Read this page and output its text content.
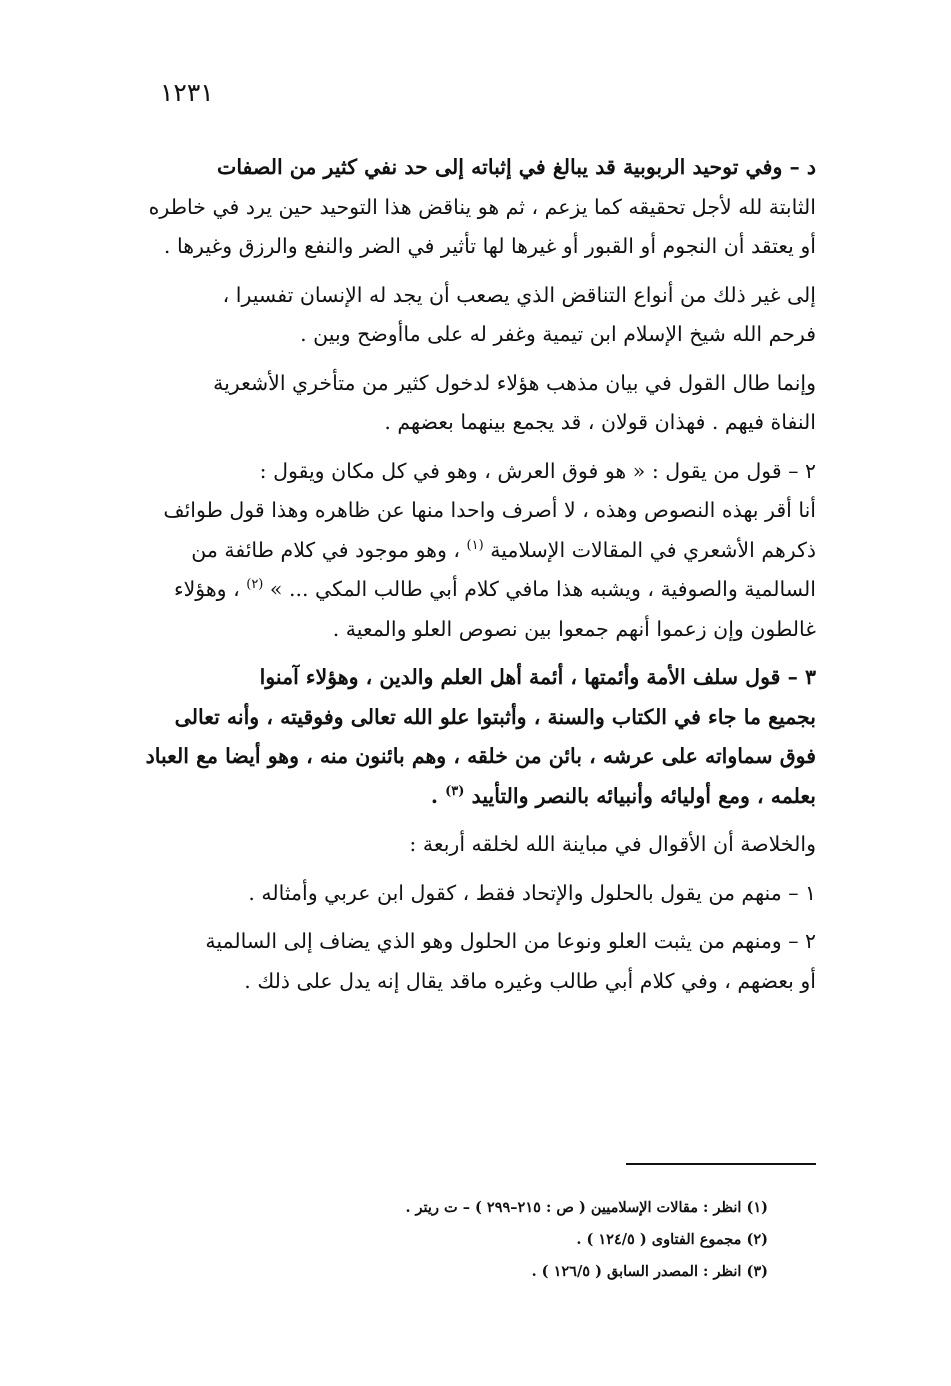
١٢٣١

د – وفي توحيد الربوبية قد يبالغ في إثباته إلى حد نفي كثير من الصفات
الثابتة لله لأجل تحقيقه كما يزعم ، ثم هو يناقض هذا التوحيد حين يرد في خاطره
أو يعتقد أن النجوم أو القبور أو غيرها لها تأثير في الضر والنفع والرزق وغيرها .

إلى غير ذلك من أنواع التناقض الذي يصعب أن يجد له الإنسان تفسيرا ،
فرحم الله شيخ الإسلام ابن تيمية وغفر له على ماأوضح وبين .

وإنما طال القول في بيان مذهب هؤلاء لدخول كثير من متأخري الأشعرية
النفاة فيهم . فهذان قولان ، قد يجمع بينهما بعضهم .

٢ – قول من يقول : « هو فوق العرش ، وهو في كل مكان ويقول :
أنا أقر بهذه النصوص وهذه ، لا أصرف واحدا منها عن ظاهره وهذا قول طوائف
ذكرهم الأشعري في المقالات الإسلامية $^{(١)}$ ، وهو موجود في كلام طائفة من
السالمية والصوفية ، ويشبه هذا مافي كلام أبي طالب المكي ... » $^{(٢)}$ ، وهؤلاء
غالطون وإن زعموا أنهم جمعوا بين نصوص العلو والمعية .

٣ – قول سلف الأمة وأئمتها ، أئمة أهل العلم والدين ، وهؤلاء آمنوا
بجميع ما جاء في الكتاب والسنة ، وأثبتوا علو الله تعالى وفوقيته ، وأنه تعالى
فوق سماواته على عرشه ، بائن من خلقه ، وهم بائنون منه ، وهو أيضا مع العباد
بعلمه ، ومع أوليائه وأنبيائه بالنصر والتأييد $^{(٣)}$ .

والخلاصة أن الأقوال في مباينة الله لخلقه أربعة :

١ – منهم من يقول بالحلول والإتحاد فقط ، كقول ابن عربي وأمثاله .

٢ – ومنهم من يثبت العلو ونوعا من الحلول وهو الذي يضاف إلى السالمية
أو بعضهم ، وفي كلام أبي طالب وغيره ماقد يقال إنه يدل على ذلك .

(١) انظر : مقالات الإسلاميين ( ص : ٢١٥–٢٩٩ ) – ت ريتر .
(٢) مجموع الفتاوى ( ١٢٤/٥ ) .
(٣) انظر : المصدر السابق ( ١٢٦/٥ ) .
